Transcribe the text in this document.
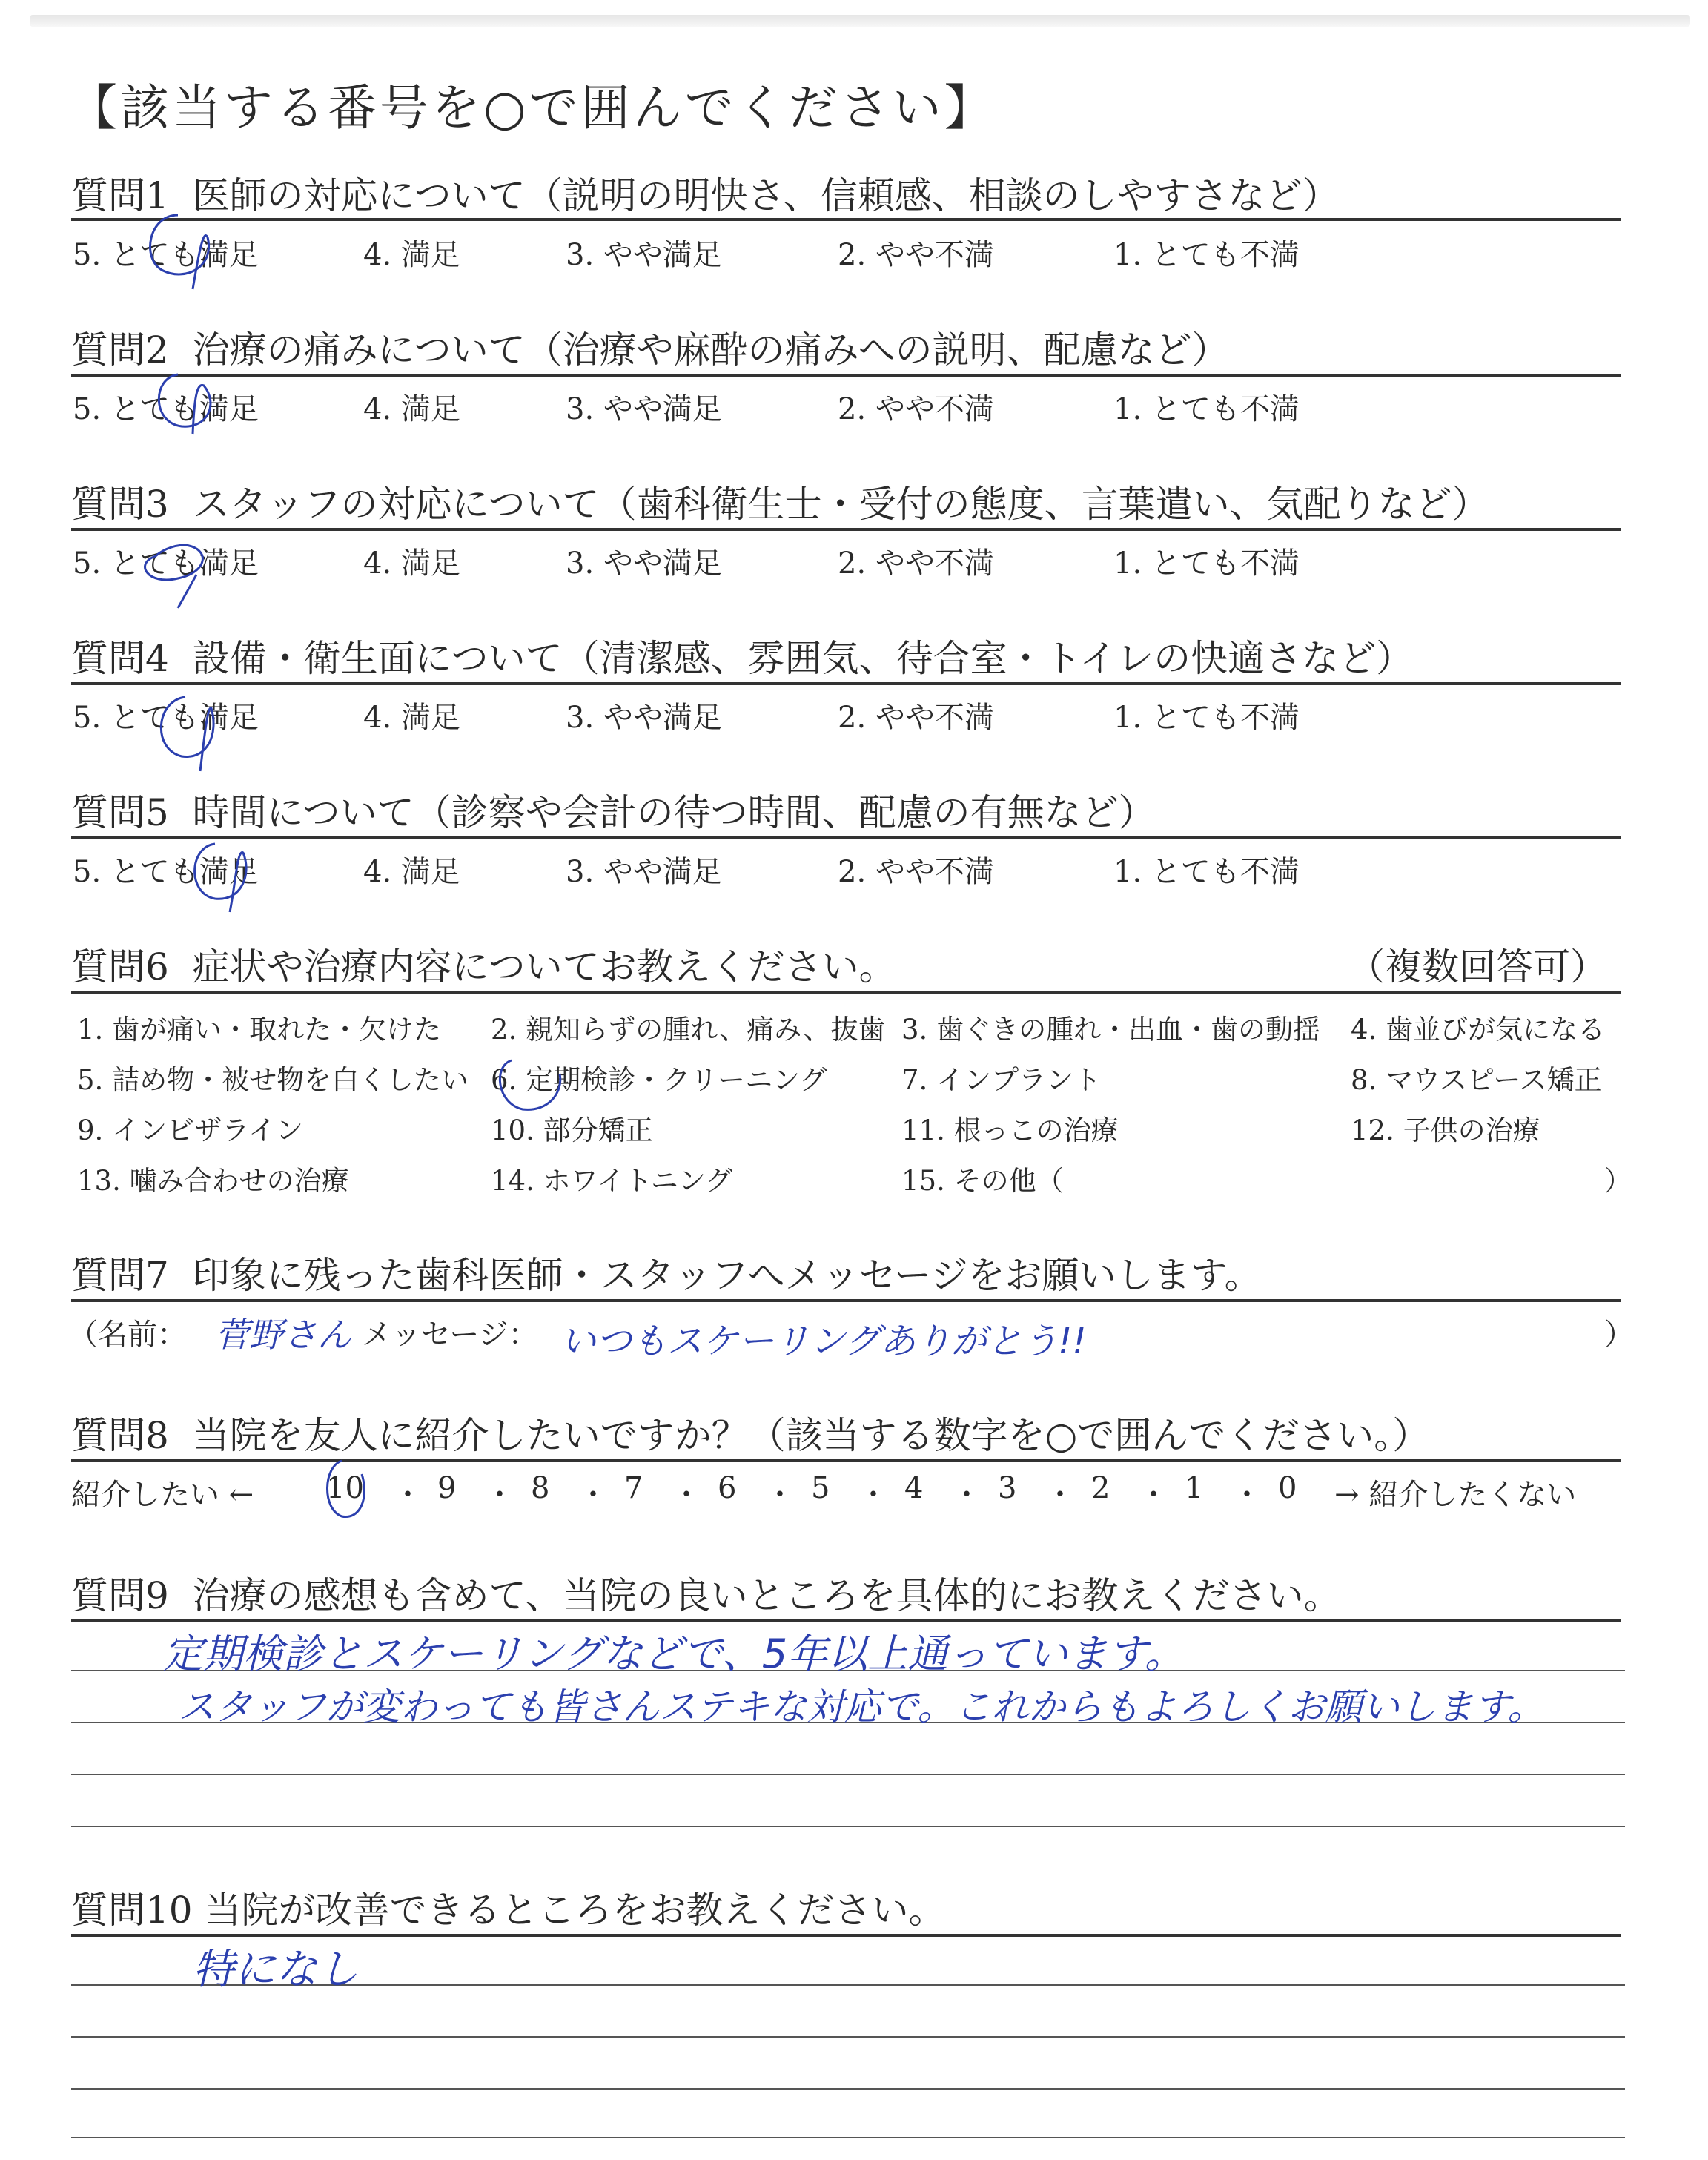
【該当する番号を○で囲んでください】
質問1 医師の対応について（説明の明快さ、信頼感、相談のしやすさなど）
5. とても満足	4. 満足	3. やや満足	2. やや不満	1. とても不満
質問2 治療の痛みについて（治療や麻酔の痛みへの説明、配慮など）
5. とても満足	4. 満足	3. やや満足	2. やや不満	1. とても不満
質問3 スタッフの対応について（歯科衛生士・受付の態度、言葉遣い、気配りなど）
5. とても満足	4. 満足	3. やや満足	2. やや不満	1. とても不満
質問4 設備・衛生面について（清潔感、雰囲気、待合室・トイレの快適さなど）
5. とても満足	4. 満足	3. やや満足	2. やや不満	1. とても不満
質問5 時間について（診察や会計の待つ時間、配慮の有無など）
5. とても満足	4. 満足	3. やや満足	2. やや不満	1. とても不満
質問6 症状や治療内容についてお教えください。	（複数回答可）
1. 歯が痛い・取れた・欠けた 2. 親知らずの腫れ、痛み、抜歯 3. 歯ぐきの腫れ・出血・歯の動揺 4. 歯並びが気になる
5. 詰め物・被せ物を白くしたい 6. 定期検診・クリーニング	7. インプラント	8. マウスピース矯正
9. インビザライン	10. 部分矯正	11. 根っこの治療	12. 子供の治療
13. 噛み合わせの治療	14. ホワイトニング	15. その他（	）
質問7 印象に残った歯科医師・スタッフへメッセージをお願いします。
（名前： 菅野さん メッセージ： いつもスケーリングありがとう!!	）
質問8 当院を友人に紹介したいですか？（該当する数字を○で囲んでください。）
紹介したい ← 10 ・ 9 ・ 8 ・ 7 ・ 6 ・ 5 ・ 4 ・ 3 ・ 2 ・ 1 ・ 0 → 紹介したくない
質問9 治療の感想も含めて、当院の良いところを具体的にお教えください。
定期検診とスケーリングなどで、5年以上通っています。
スタッフが変わっても皆さんステキな対応で。これからもよろしくお願いします。
質問10 当院が改善できるところをお教えください。
特になし
